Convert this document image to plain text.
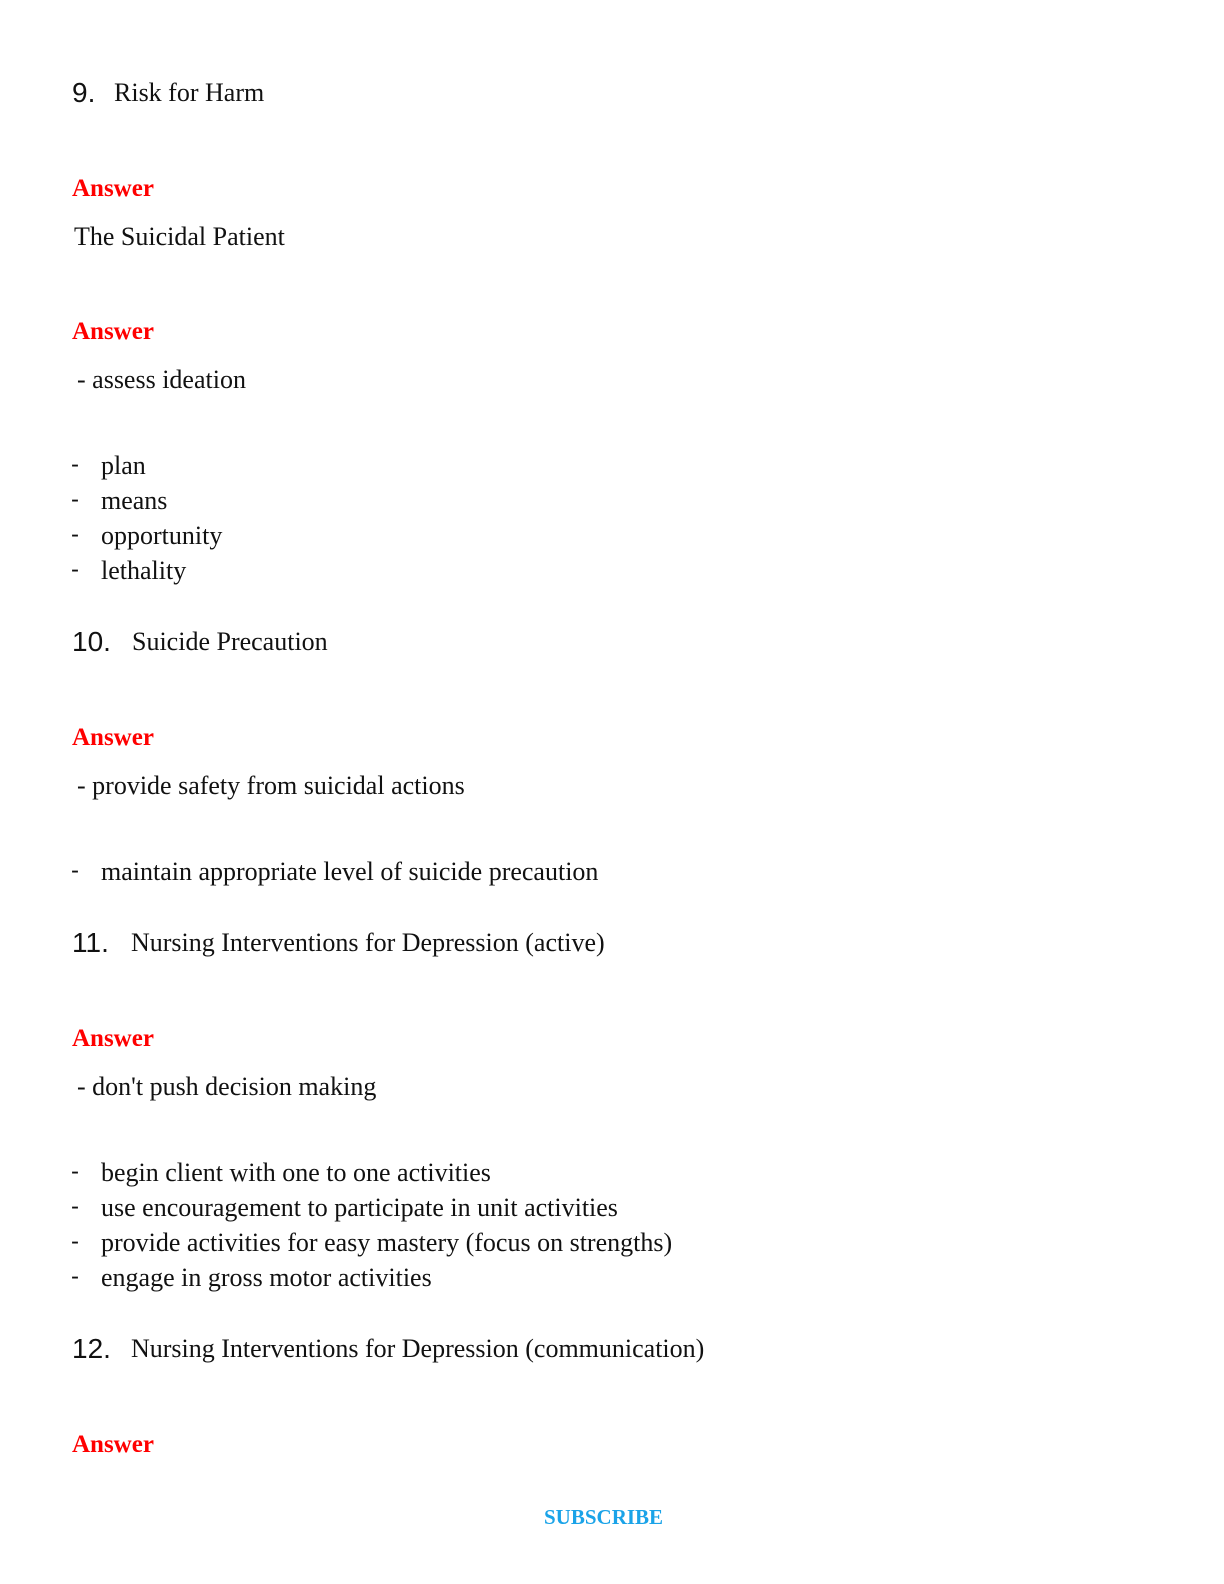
9. Risk for Harm
Answer
The Suicidal Patient
Answer
- assess ideation
- plan
- means
- opportunity
- lethality
10. Suicide Precaution
Answer
- provide safety from suicidal actions
- maintain appropriate level of suicide precaution
11. Nursing Interventions for Depression (active)
Answer
- don't push decision making
- begin client with one to one activities
- use encouragement to participate in unit activities
- provide activities for easy mastery (focus on strengths)
- engage in gross motor activities
12. Nursing Interventions for Depression (communication)
Answer
SUBSCRIBE
